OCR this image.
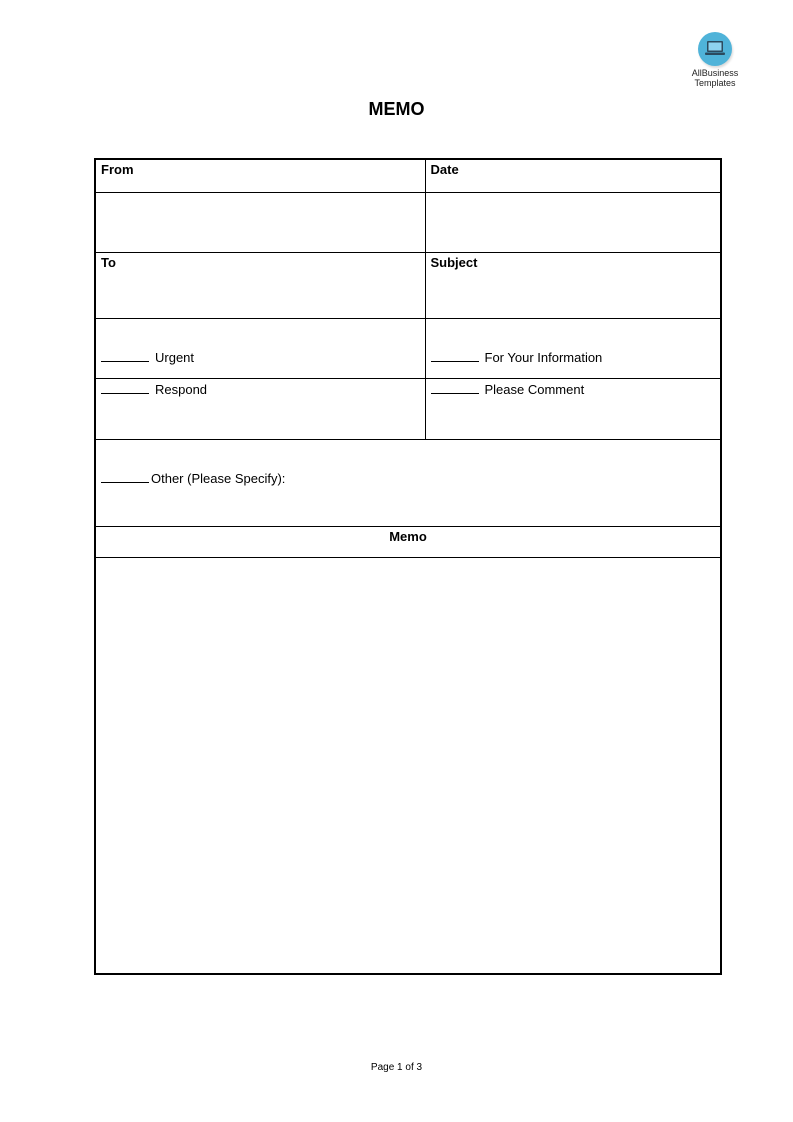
AllBusiness
Templates
MEMO
From	Date

To	Subject
Urgent	For Your Information
Respond	Please Comment
Other (Please Specify):	
Memo	

Page 1 of 3
